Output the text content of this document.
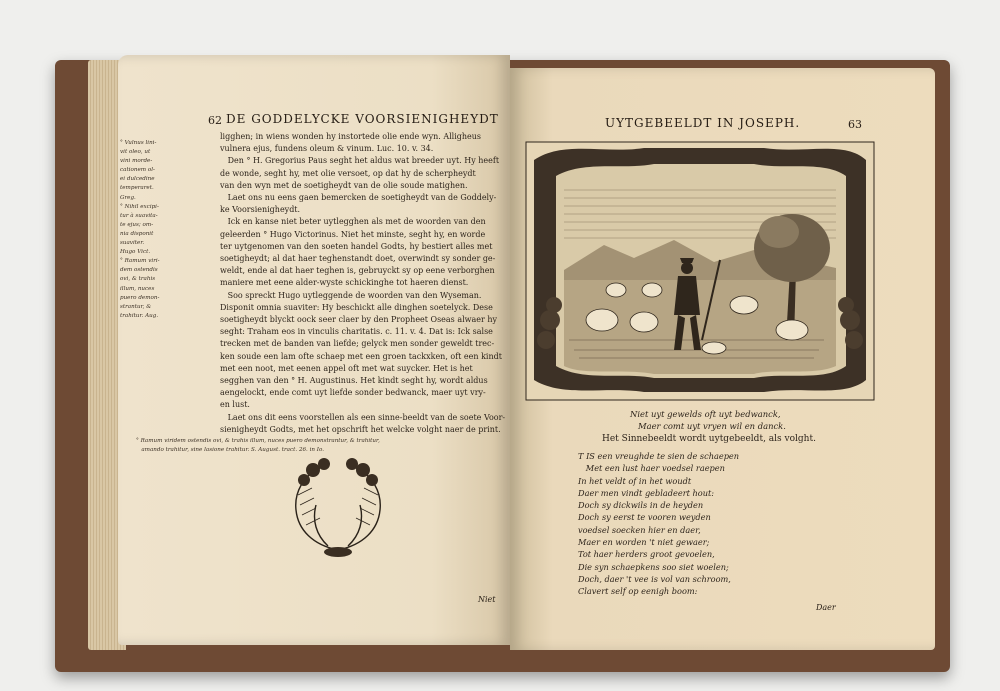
62 DE GODDELYCKE VOORSIENIGHEYDT
° Vulnus lini-
vit oleo, ut
vini morde-
cationem ol-
ei dulcedine
temperaret.
Greg.
° Nihil excipi-
tur à suavita-
te ejus; om-
nia disponit
suaviter.
Hugo Vict.
° Ramum viri-
dem ostendis
ovi, & trahis
illum, nuces
puero demon-
strantur, &
trahitur. Aug.
ligghen; in wiens wonden hy instortede olie ende wyn. Alligheus
vulnera ejus, fundens oleum & vinum. Luc. 10. v. 34.
Den ° H. Gregorius Paus seght het aldus wat breeder uyt. Hy heeft
de wonde, seght hy, met olie versoet, op dat hy de scherpheydt
van den wyn met de soetigheydt van de olie soude matighen.
Laet ons nu eens gaen bemercken de soetigheydt van de Goddely-
ke Voorsienigheydt.
Ick en kanse niet beter uytlegghen als met de woorden van den
geleerden ° Hugo Victorinus. Niet het minste, seght hy, en worde
ter uytgenomen van den soeten handel Godts, hy bestiert alles met
soetigheydt; al dat haer teghenstandt doet, overwindt sy sonder ge-
weldt, ende al dat haer teghen is, gebruyckt sy op eene verborghen
maniere met eene alder-wyste schickinghe tot haeren dienst.
Soo spreckt Hugo uytleggende de woorden van den Wyseman.
Disponit omnia suaviter: Hy beschickt alle dinghen soetelyck. Dese
soetigheydt blyckt oock seer claer by den Propheet Oseas alwaer hy
seght: Traham eos in vinculis charitatis. c. 11. v. 4. Dat is: Ick salse
trecken met de banden van liefde; gelyck men sonder geweldt trec-
ken soude een lam ofte schaep met een groen tackxken, oft een kindt
met een noot, met eenen appel oft met wat suycker. Het is het
segghen van den ° H. Augustinus. Het kindt seght hy, wordt aldus
aengelockt, ende comt uyt liefde sonder bedwanck, maer uyt vry-
en lust.
Laet ons dit eens voorstellen als een sinne-beeldt van de soete Voor-
sienigheydt Godts, met het opschrift het welcke volght naer de print.
° Ramum viridem ostendis ovi, & trahis illum, nuces puero demonstrantur, & trahitur,
amando trahitur, sine lasione trahitur. S. August. tract. 26. in Io.
Niet
UYTGEBEELDT IN JOSEPH.	63
Niet uyt gewelds oft uyt bedwanck,
Maer comt uyt vryen wil en danck.
Het Sinnebeeldt wordt uytgebeeldt, als volght.
T IS een vreughde te sien de schaepen
Met een lust haer voedsel raepen
In het veldt of in het woudt
Daer men vindt gebladeert hout:
Doch sy dickwils in de heyden
Doch sy eerst te vooren weyden
voedsel soecken hier en daer,
Maer en worden 't niet gewaer;
Tot haer herders groot gevoelen,
Die syn schaepkens soo siet woelen;
Doch, daer 't vee is vol van schroom,
Clavert self op eenigh boom:
Daer
